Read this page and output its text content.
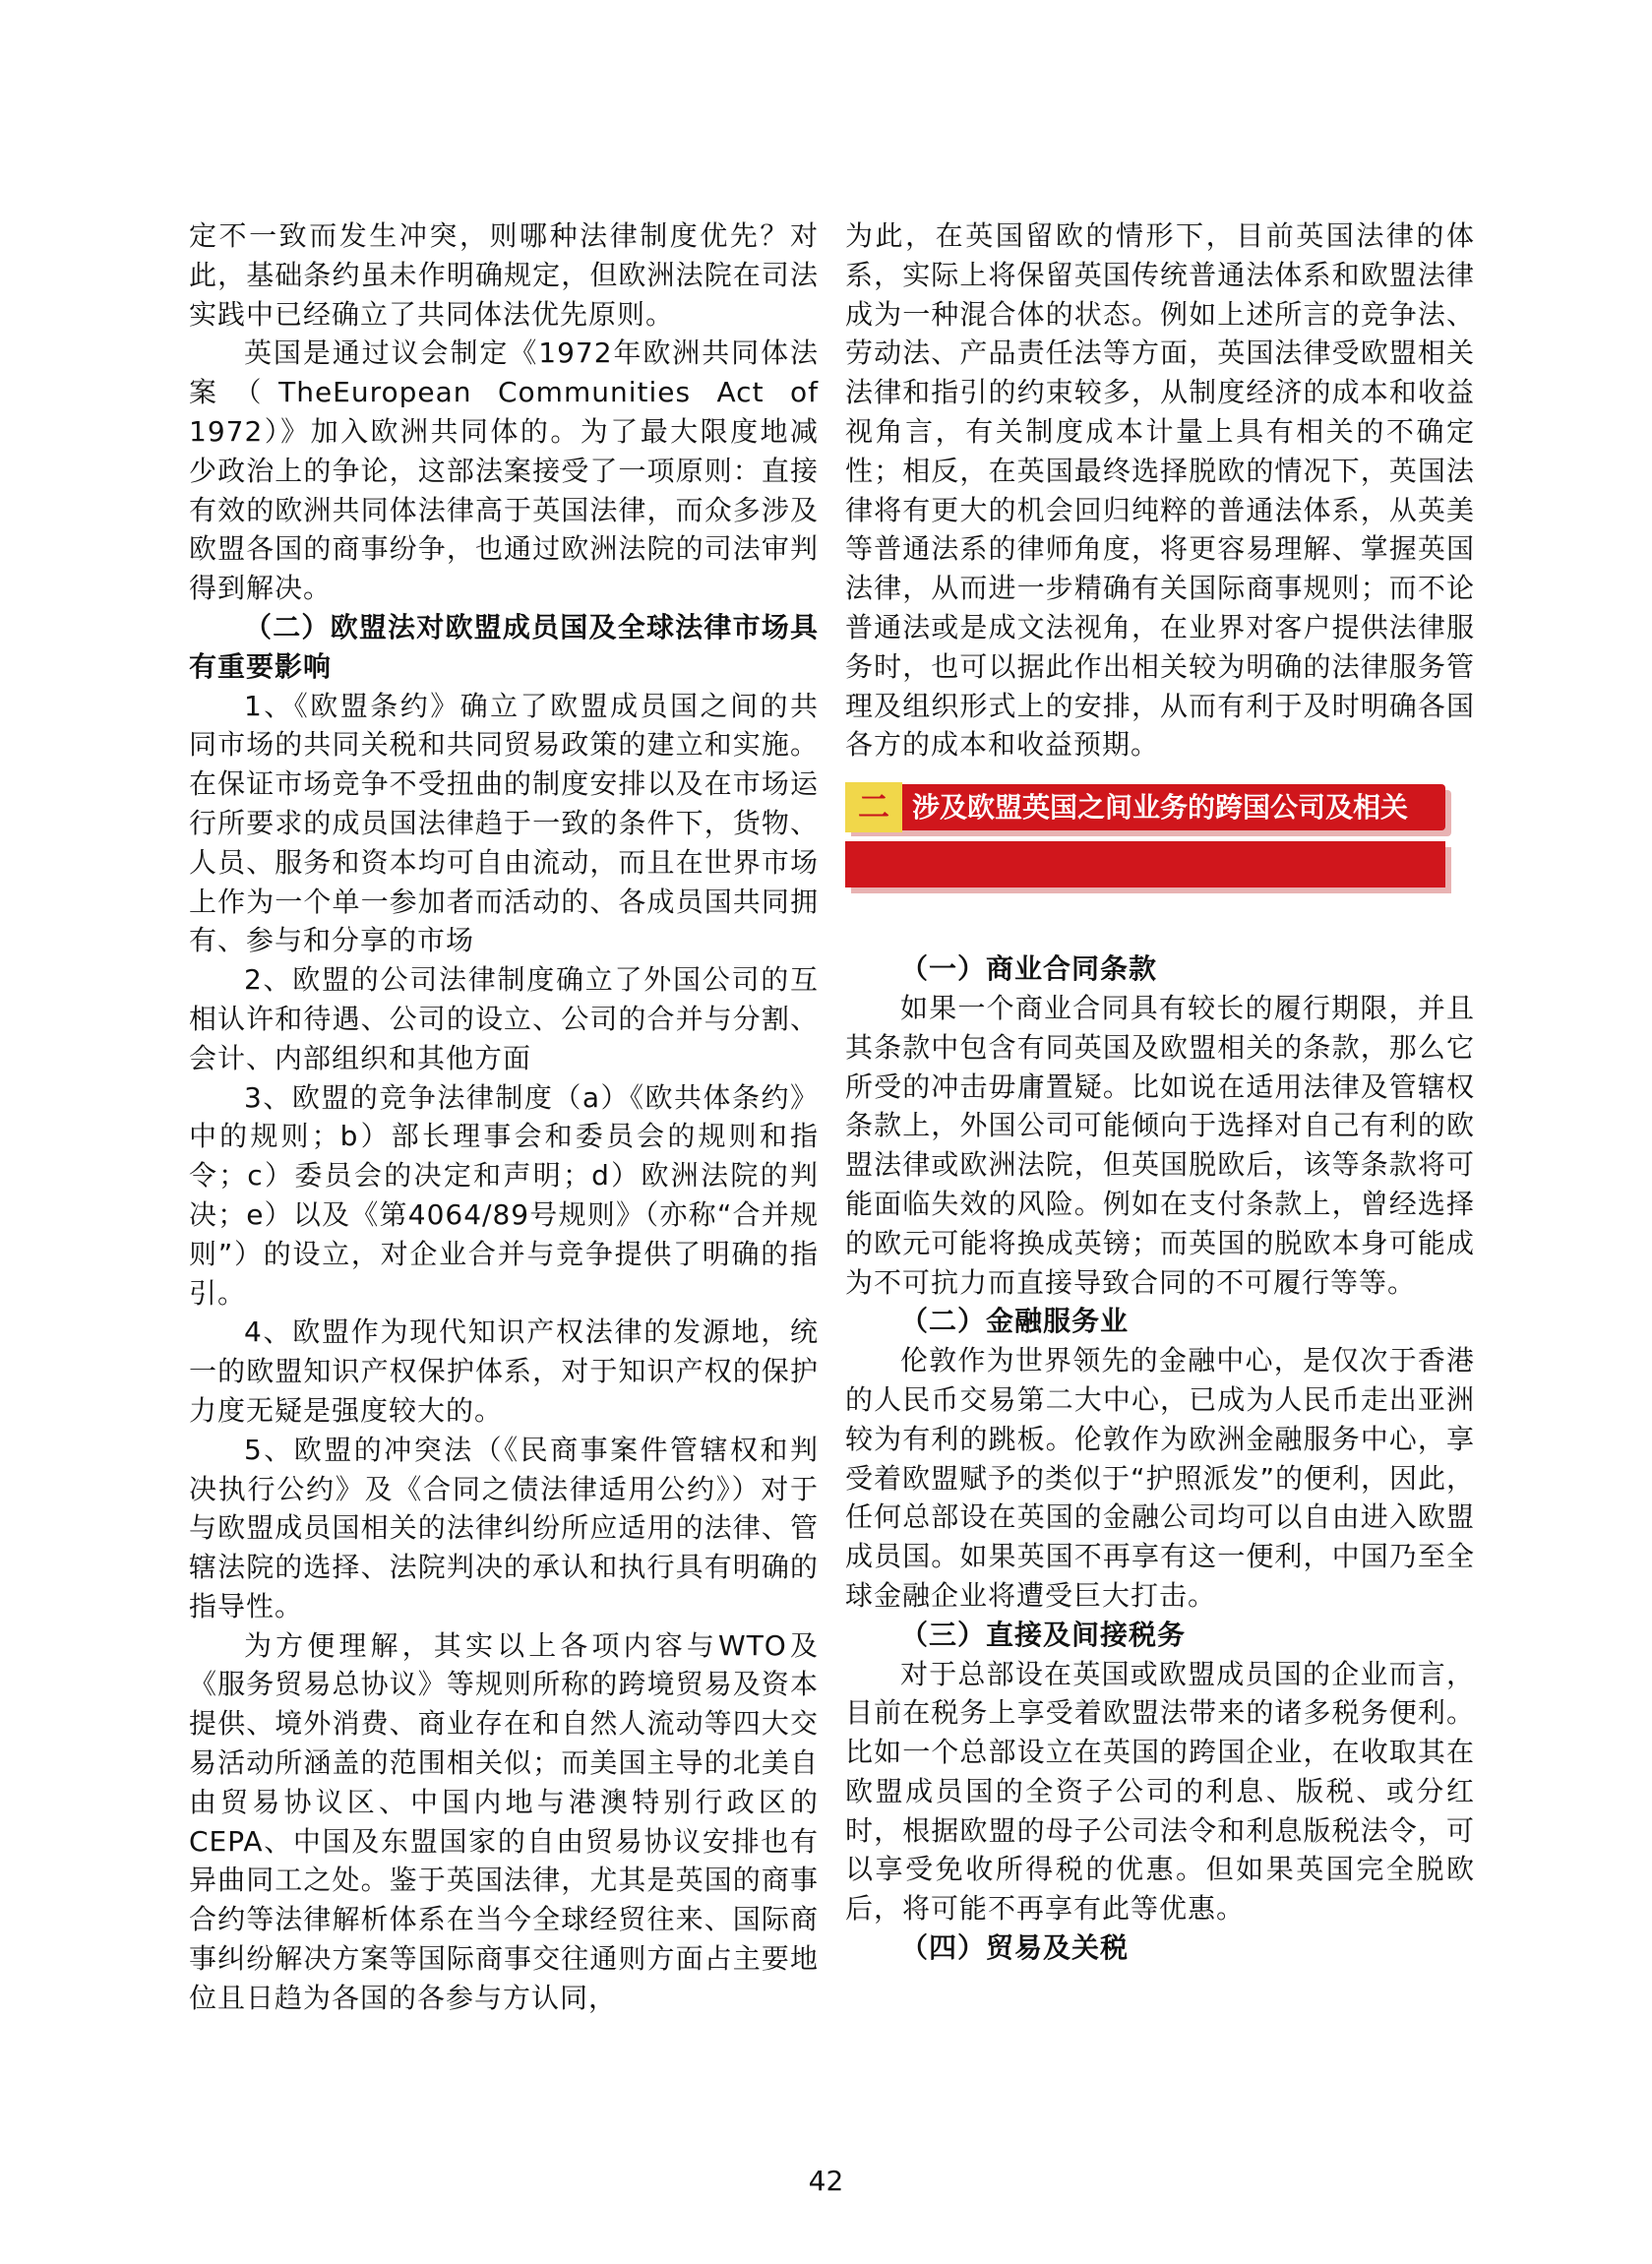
定不一致而发生冲突，则哪种法律制度优先？对此，基础条约虽未作明确规定，但欧洲法院在司法实践中已经确立了共同体法优先原则。

英国是通过议会制定《1972年欧洲共同体法案（TheEuropean Communities Act of 1972）》加入欧洲共同体的。为了最大限度地减少政治上的争论，这部法案接受了一项原则：直接有效的欧洲共同体法律高于英国法律，而众多涉及欧盟各国的商事纷争，也通过欧洲法院的司法审判得到解决。

（二）欧盟法对欧盟成员国及全球法律市场具有重要影响

1、《欧盟条约》确立了欧盟成员国之间的共同市场的共同关税和共同贸易政策的建立和实施。在保证市场竞争不受扭曲的制度安排以及在市场运行所要求的成员国法律趋于一致的条件下，货物、人员、服务和资本均可自由流动，而且在世界市场上作为一个单一参加者而活动的、各成员国共同拥有、参与和分享的市场

2、欧盟的公司法律制度确立了外国公司的互相认许和待遇、公司的设立、公司的合并与分割、会计、内部组织和其他方面

3、欧盟的竞争法律制度（a）《欧共体条约》中的规则；b）部长理事会和委员会的规则和指令；c）委员会的决定和声明；d）欧洲法院的判决；e）以及《第4064/89号规则》（亦称“合并规则”）的设立，对企业合并与竞争提供了明确的指引。

4、欧盟作为现代知识产权法律的发源地，统一的欧盟知识产权保护体系，对于知识产权的保护力度无疑是强度较大的。

5、欧盟的冲突法（《民商事案件管辖权和判决执行公约》及《合同之债法律适用公约》）对于与欧盟成员国相关的法律纠纷所应适用的法律、管辖法院的选择、法院判决的承认和执行具有明确的指导性。

为方便理解，其实以上各项内容与WTO及《服务贸易总协议》等规则所称的跨境贸易及资本提供、境外消费、商业存在和自然人流动等四大交易活动所涵盖的范围相关似；而美国主导的北美自由贸易协议区、中国内地与港澳特别行政区的CEPA、中国及东盟国家的自由贸易协议安排也有异曲同工之处。鉴于英国法律，尤其是英国的商事合约等法律解析体系在当今全球经贸往来、国际商事纠纷解决方案等国际商事交往通则方面占主要地位且日趋为各国的各参与方认同，

为此，在英国留欧的情形下，目前英国法律的体系，实际上将保留英国传统普通法体系和欧盟法律成为一种混合体的状态。例如上述所言的竞争法、劳动法、产品责任法等方面，英国法律受欧盟相关法律和指引的约束较多，从制度经济的成本和收益视角言，有关制度成本计量上具有相关的不确定性；相反，在英国最终选择脱欧的情况下，英国法律将有更大的机会回归纯粹的普通法体系，从英美等普通法系的律师角度，将更容易理解、掌握英国法律，从而进一步精确有关国际商事规则；而不论普通法或是成文法视角，在业界对客户提供法律服务时，也可以据此作出相关较为明确的法律服务管理及组织形式上的安排，从而有利于及时明确各国各方的成本和收益预期。

二 涉及欧盟英国之间业务的跨国公司及相关
跨国业务可能面临哪些法律风险？

（一）商业合同条款

如果一个商业合同具有较长的履行期限，并且其条款中包含有同英国及欧盟相关的条款，那么它所受的冲击毋庸置疑。比如说在适用法律及管辖权条款上，外国公司可能倾向于选择对自己有利的欧盟法律或欧洲法院，但英国脱欧后，该等条款将可能面临失效的风险。例如在支付条款上，曾经选择的欧元可能将换成英镑；而英国的脱欧本身可能成为不可抗力而直接导致合同的不可履行等等。

（二）金融服务业

伦敦作为世界领先的金融中心，是仅次于香港的人民币交易第二大中心，已成为人民币走出亚洲较为有利的跳板。伦敦作为欧洲金融服务中心，享受着欧盟赋予的类似于“护照派发”的便利，因此，任何总部设在英国的金融公司均可以自由进入欧盟成员国。如果英国不再享有这一便利，中国乃至全球金融企业将遭受巨大打击。

（三）直接及间接税务

对于总部设在英国或欧盟成员国的企业而言，目前在税务上享受着欧盟法带来的诸多税务便利。比如一个总部设立在英国的跨国企业，在收取其在欧盟成员国的全资子公司的利息、版税、或分红时，根据欧盟的母子公司法令和利息版税法令，可以享受免收所得税的优惠。但如果英国完全脱欧后，将可能不再享有此等优惠。

（四）贸易及关税

42
